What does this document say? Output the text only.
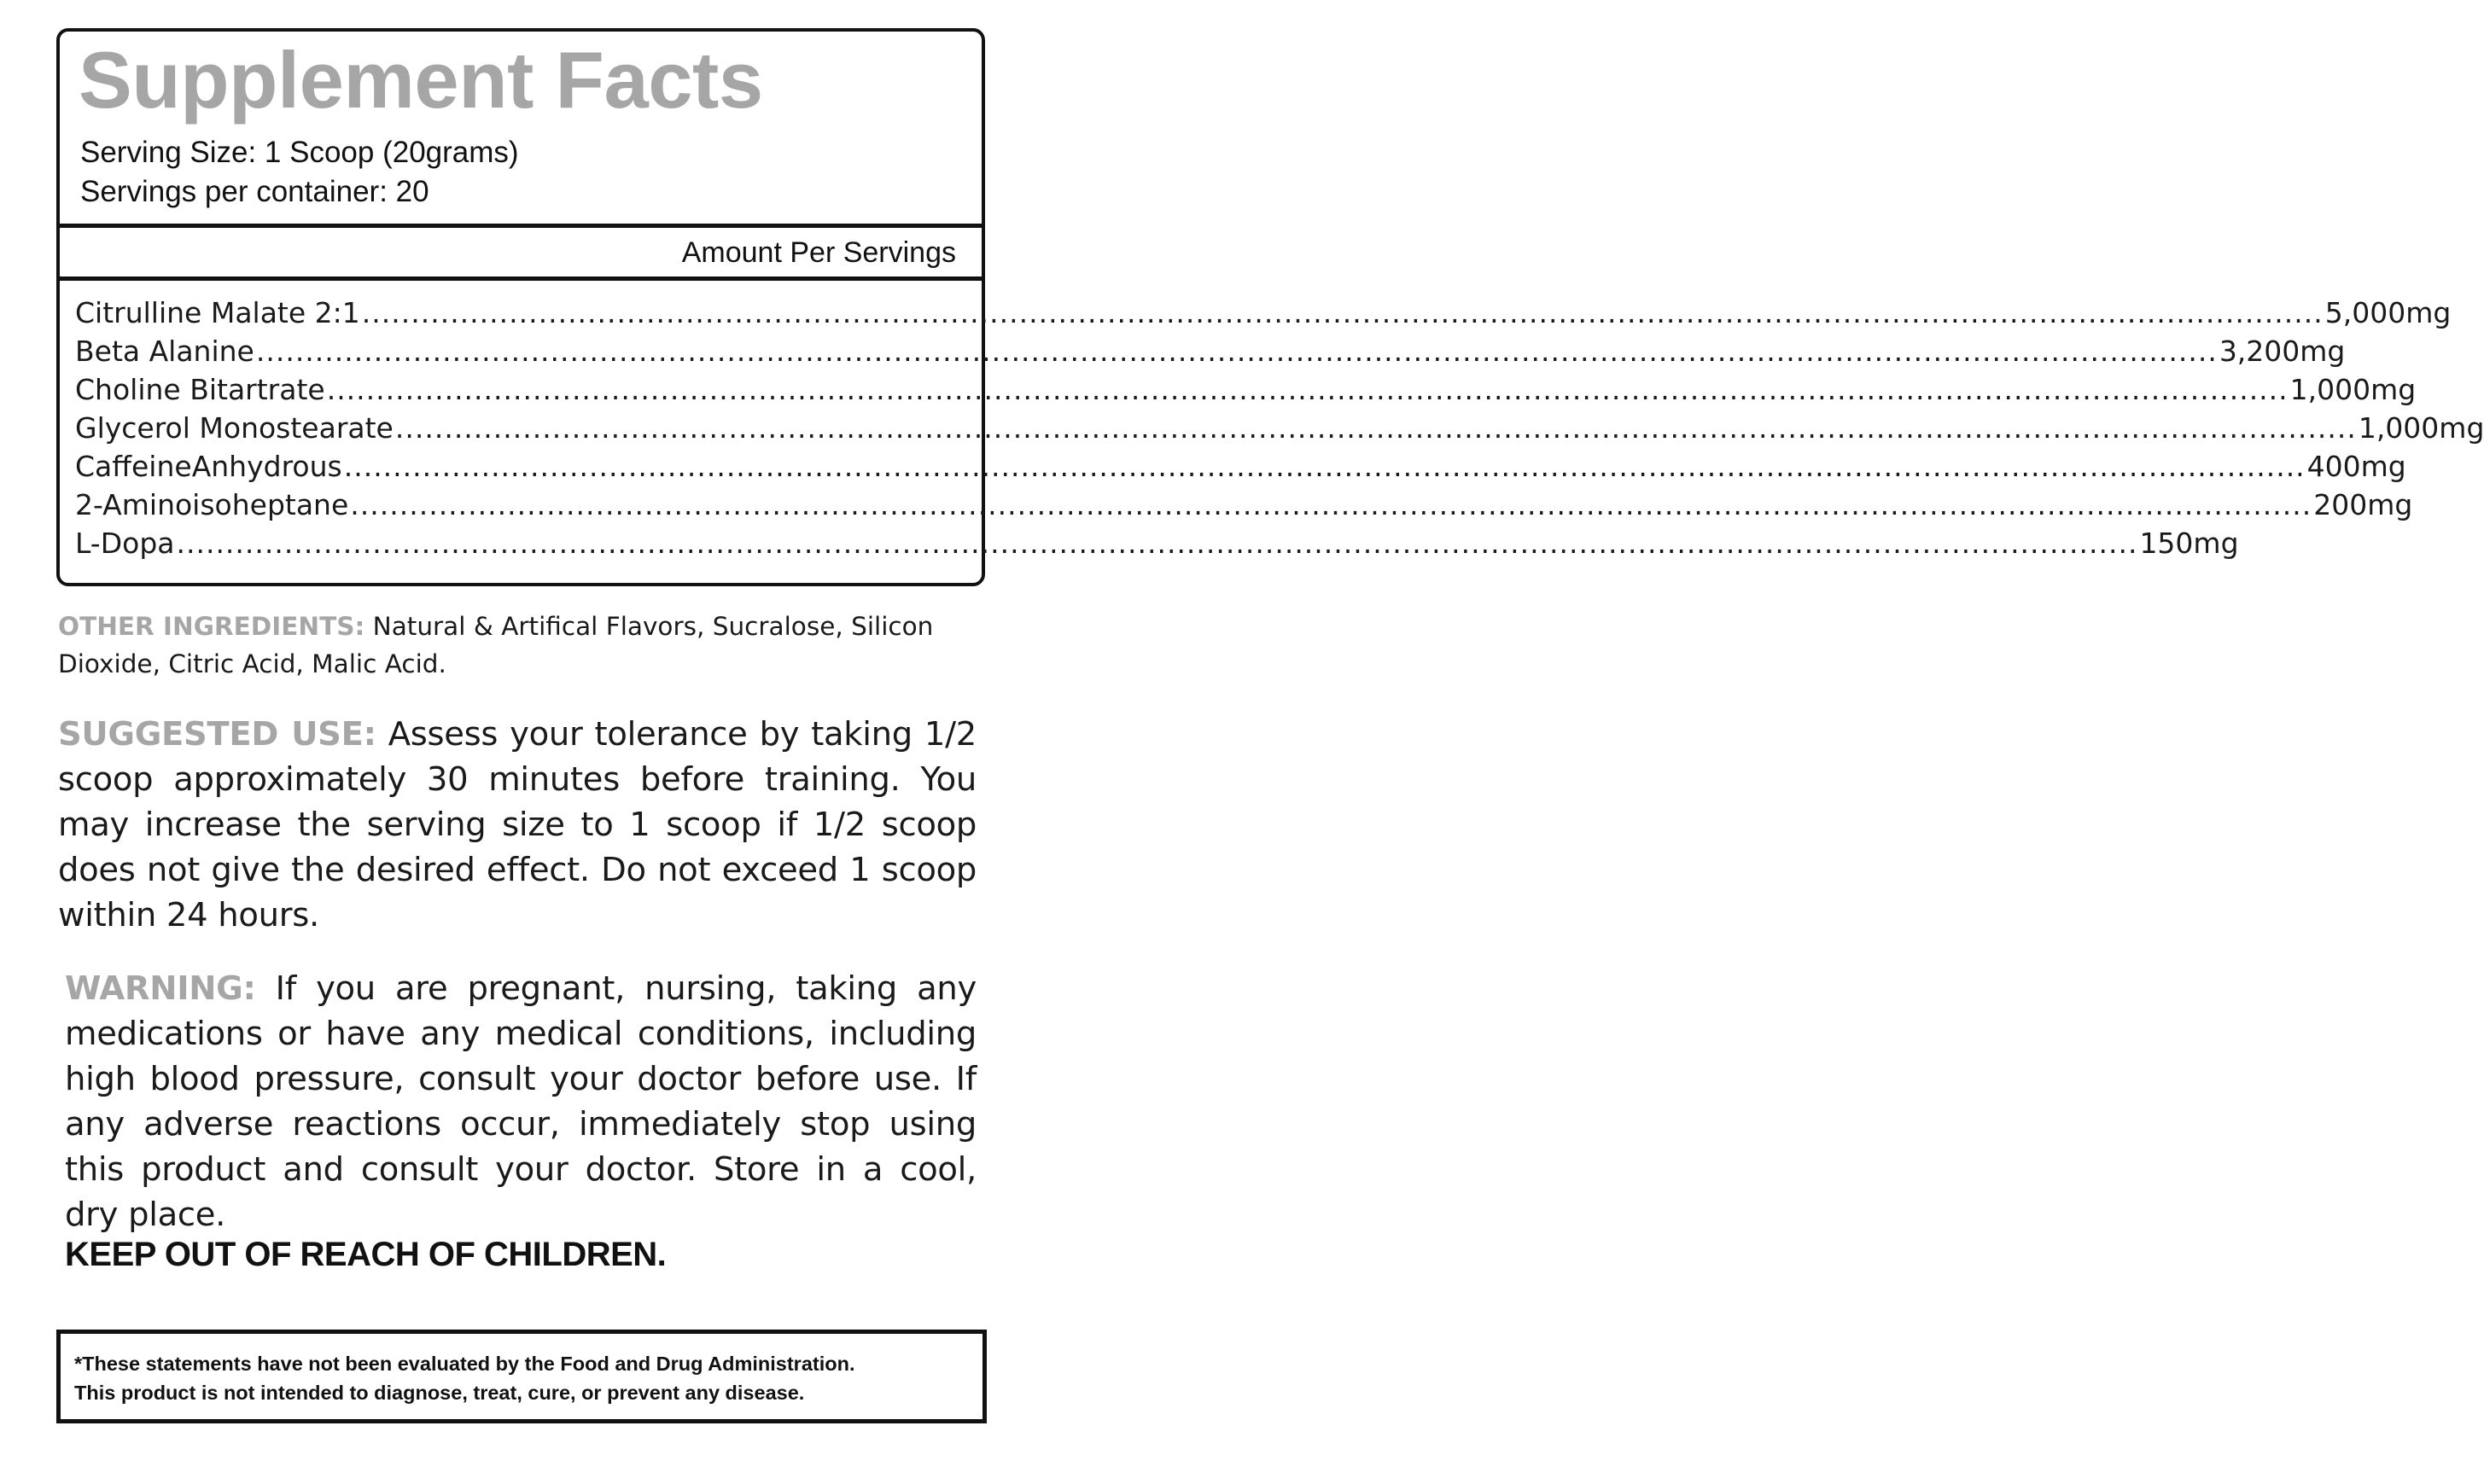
Supplement Facts
Serving Size: 1 Scoop (20grams)
Servings per container: 20
Amount Per Servings
Citrulline Malate 2:1 ........................................................................................................................................................................................................ 5,000mg
Beta Alanine ........................................................................................................................................................................................................ 3,200mg
Choline Bitartrate ........................................................................................................................................................................................................ 1,000mg
Glycerol Monostearate ........................................................................................................................................................................................................ 1,000mg
CaffeineAnhydrous ........................................................................................................................................................................................................ 400mg
2-Aminoisoheptane ........................................................................................................................................................................................................ 200mg
L-Dopa ........................................................................................................................................................................................................ 150mg
OTHER INGREDIENTS: Natural & Artifical Flavors, Sucralose, Silicon Dioxide, Citric Acid, Malic Acid.
SUGGESTED USE: Assess your tolerance by taking 1/2 scoop approximately 30 minutes before training. You may increase the serving size to 1 scoop if 1/2 scoop does not give the desired effect. Do not exceed 1 scoop within 24 hours.
WARNING: If you are pregnant, nursing, taking any medications or have any medical conditions, including high blood pressure, consult your doctor before use. If any adverse reactions occur, immediately stop using this product and consult your doctor. Store in a cool, dry place.
KEEP OUT OF REACH OF CHILDREN.
*These statements have not been evaluated by the Food and Drug Administration.
This product is not intended to diagnose, treat, cure, or prevent any disease.
